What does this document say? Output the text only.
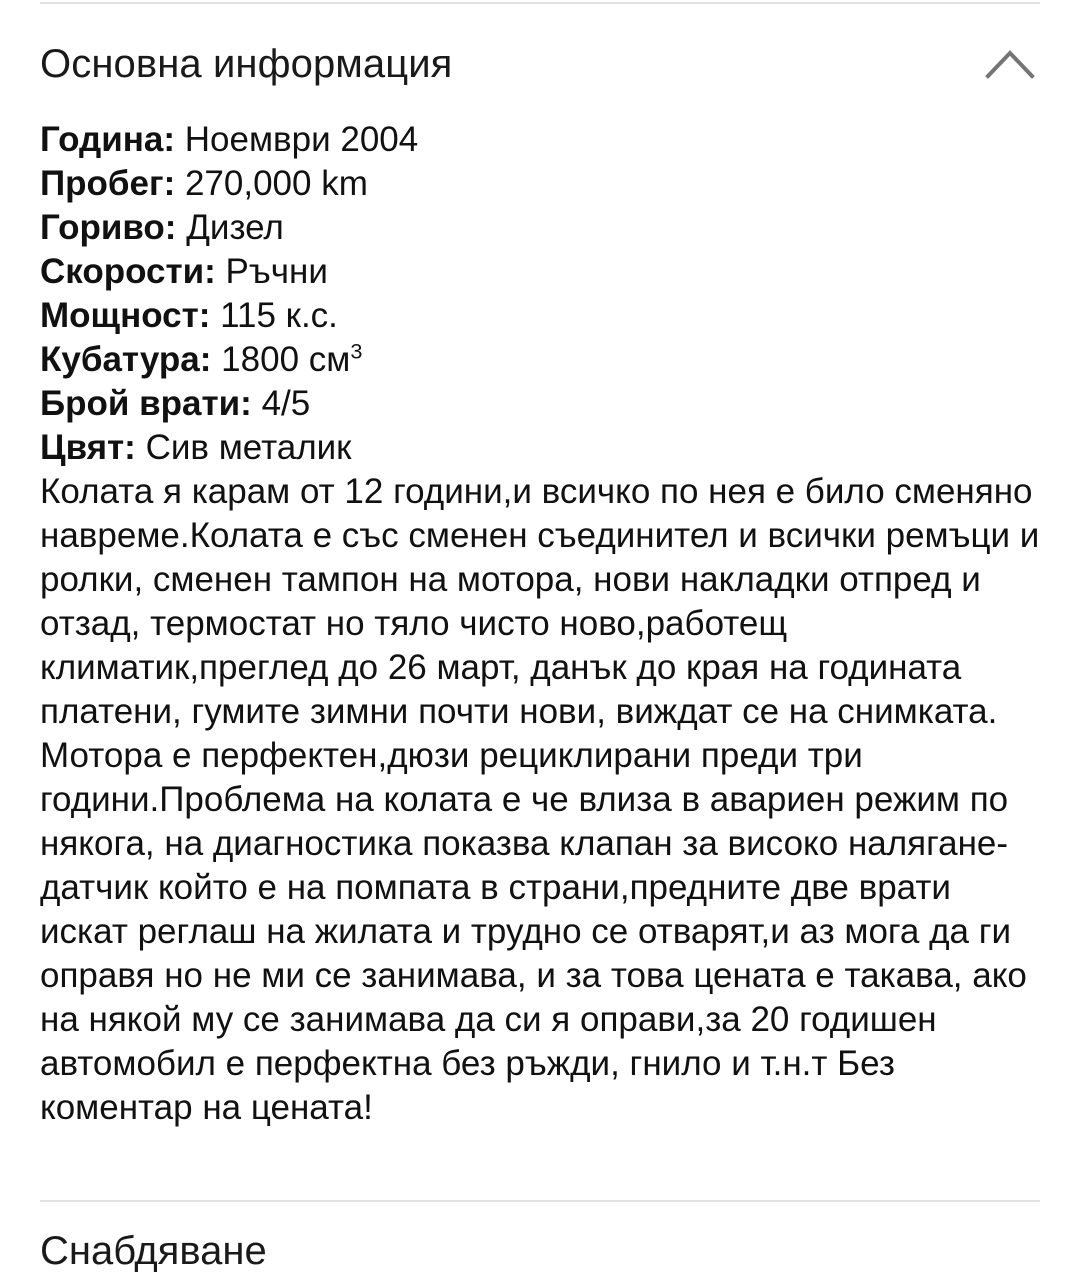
Основна информация
Година: Ноември 2004
Пробег: 270,000 km
Гориво: Дизел
Скорости: Ръчни
Мощност: 115 к.с.
Кубатура: 1800 $см^3$
Брой врати: 4/5
Цвят: Сив металик

Колата я карам от 12 години,и всичко по нея е било сменяно навреме.Колата е със сменен съединител и всички ремъци и ролки, сменен тампон на мотора, нови накладки отпред и отзад, термостат но тяло чисто ново,работещ климатик,преглед до 26 март, данък до края на годината платени, гумите зимни почти нови, виждат се на снимката. Мотора е перфектен,дюзи рециклирани преди три години.Проблема на колата е че влиза в авариен режим по някога, на диагностика показва клапан за високо налягане-датчик който е на помпата в страни,предните две врати искат реглаш на жилата и трудно се отварят,и аз мога да ги оправя но не ми се занимава, и за това цената е такава, ако на някой му се занимава да си я оправи,за 20 годишен автомобил е перфектна без ръжди, гнило и т.н.т Без коментар на цената!

Снабдяване
